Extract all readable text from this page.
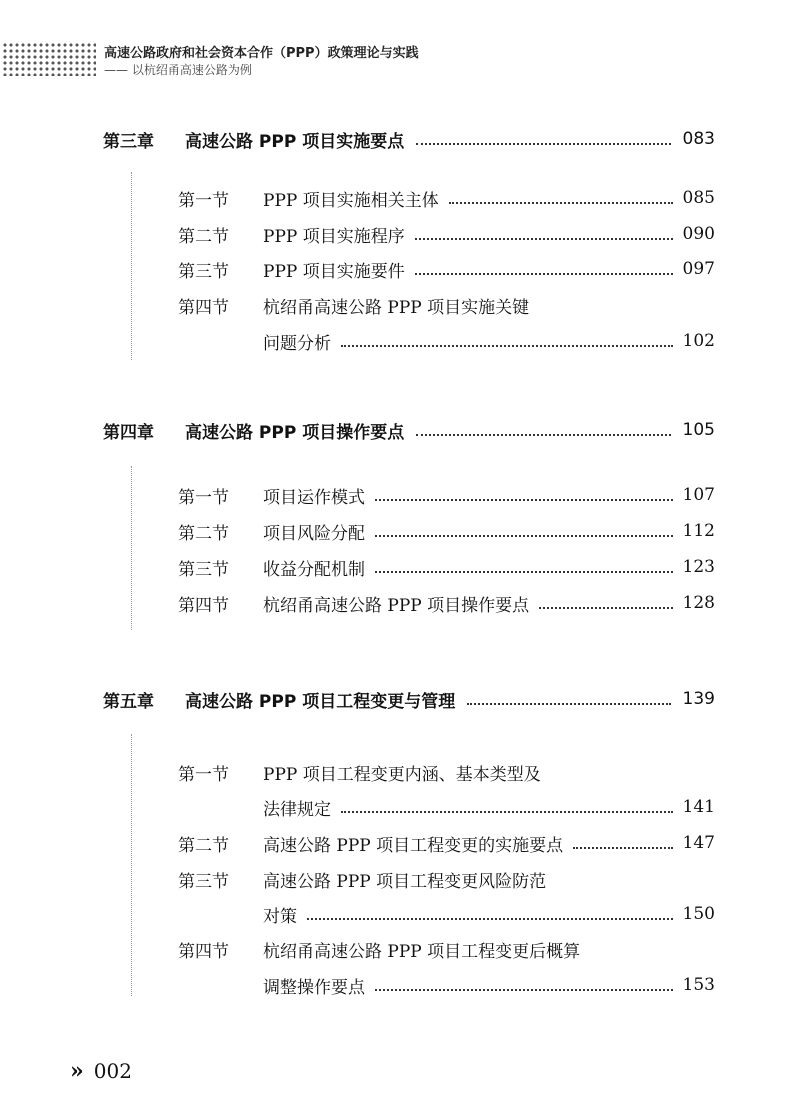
高速公路政府和社会资本合作（PPP）政策理论与实践
—— 以杭绍甬高速公路为例
第三章	高速公路 PPP 项目实施要点	083
第一节	PPP 项目实施相关主体	085
第二节	PPP 项目实施程序	090
第三节	PPP 项目实施要件	097
第四节	杭绍甬高速公路 PPP 项目实施关键
问题分析	102
第四章	高速公路 PPP 项目操作要点	105
第一节	项目运作模式	107
第二节	项目风险分配	112
第三节	收益分配机制	123
第四节	杭绍甬高速公路 PPP 项目操作要点	128
第五章	高速公路 PPP 项目工程变更与管理	139
第一节	PPP 项目工程变更内涵、基本类型及
法律规定	141
第二节	高速公路 PPP 项目工程变更的实施要点	147
第三节	高速公路 PPP 项目工程变更风险防范
对策	150
第四节	杭绍甬高速公路 PPP 项目工程变更后概算
调整操作要点	153
» 002
